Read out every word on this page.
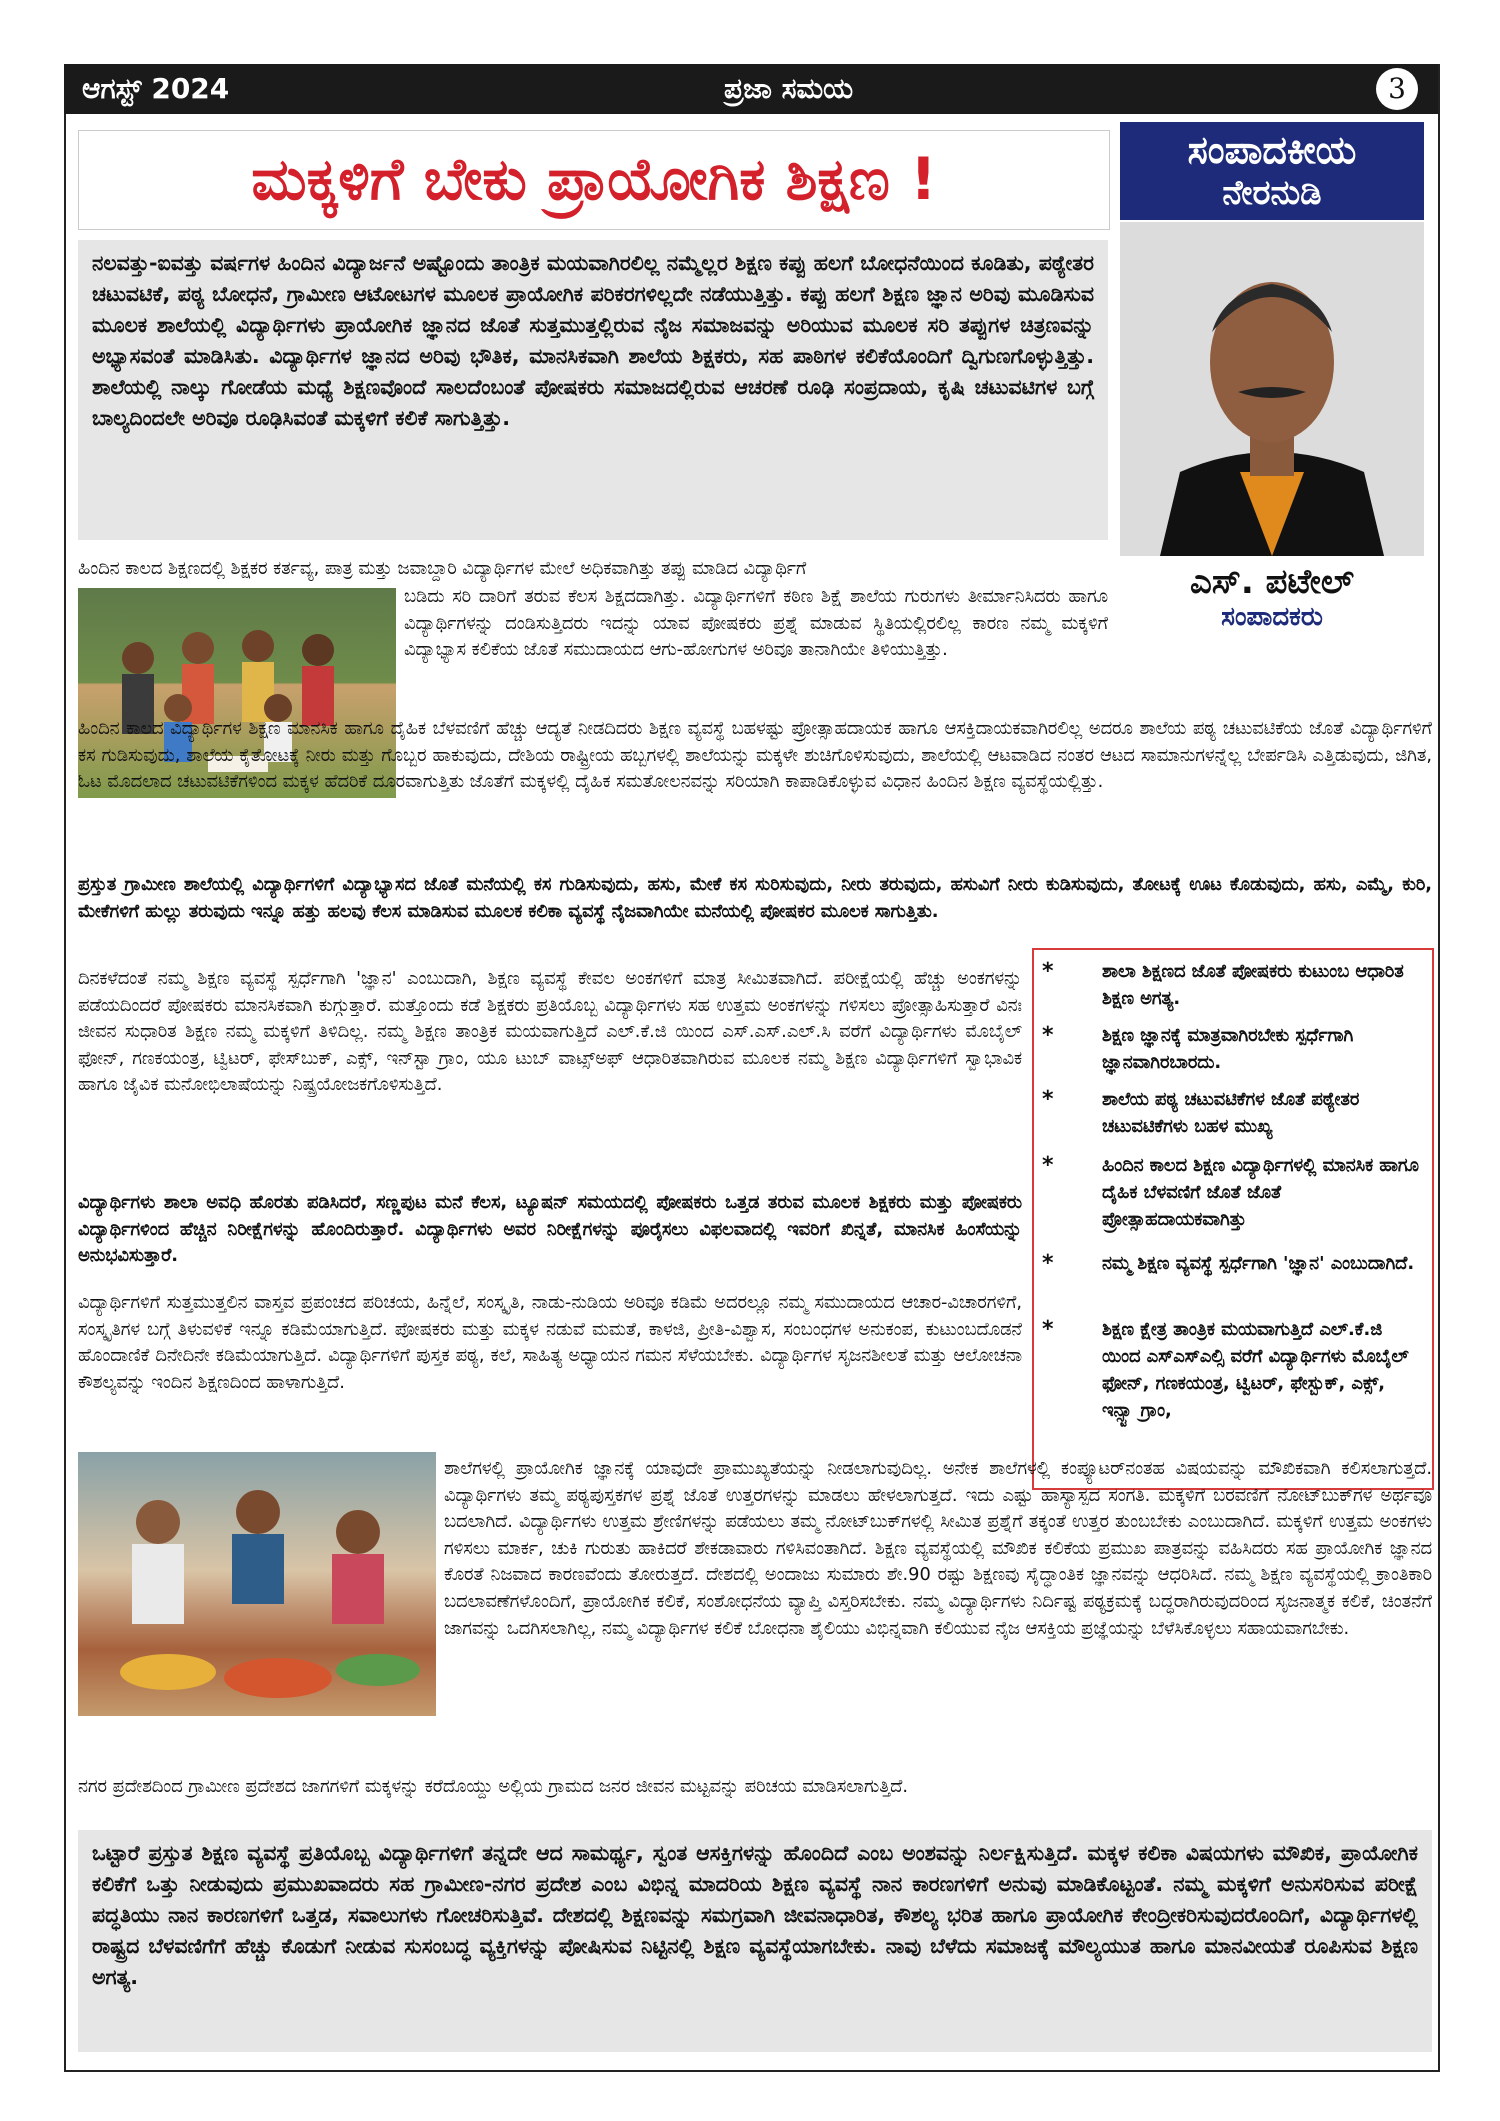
ಆಗಸ್ಟ್ 2024	ಪ್ರಜಾ ಸಮಯ	3
ಮಕ್ಕಳಿಗೆ ಬೇಕು ಪ್ರಾಯೋಗಿಕ ಶಿಕ್ಷಣ !	ಸಂಪಾದಕೀಯ
ನೇರನುಡಿ
ಎಸ್. ಪಟೇಲ್
ಸಂಪಾದಕರು
ನಲವತ್ತು-ಐವತ್ತು ವರ್ಷಗಳ ಹಿಂದಿನ ವಿದ್ಯಾರ್ಜನೆ ಅಷ್ಟೊಂದು ತಾಂತ್ರಿಕ ಮಯವಾಗಿರಲಿಲ್ಲ ನಮ್ಮೆಲ್ಲರ ಶಿಕ್ಷಣ ಕಪ್ಪು ಹಲಗೆ ಬೋಧನೆಯಿಂದ ಕೂಡಿತು, ಪಠ್ಯೇತರ ಚಟುವಟಿಕೆ, ಪಠ್ಯ ಬೋಧನೆ, ಗ್ರಾಮೀಣ ಆಟೋಟಗಳ ಮೂಲಕ ಪ್ರಾಯೋಗಿಕ ಪರಿಕರಗಳಿಲ್ಲದೇ ನಡೆಯುತ್ತಿತ್ತು. ಕಪ್ಪು ಹಲಗೆ ಶಿಕ್ಷಣ ಜ್ಞಾನ ಅರಿವು ಮೂಡಿಸುವ ಮೂಲಕ ಶಾಲೆಯಲ್ಲಿ ವಿದ್ಯಾರ್ಥಿಗಳು ಪ್ರಾಯೋಗಿಕ ಜ್ಞಾನದ ಜೊತೆ ಸುತ್ತಮುತ್ತಲ್ಲಿರುವ ನೈಜ ಸಮಾಜವನ್ನು ಅರಿಯುವ ಮೂಲಕ ಸರಿ ತಪ್ಪುಗಳ ಚಿತ್ರಣವನ್ನು ಅಭ್ಯಾಸವಂತೆ ಮಾಡಿಸಿತು. ವಿದ್ಯಾರ್ಥಿಗಳ ಜ್ಞಾನದ ಅರಿವು ಭೌತಿಕ, ಮಾನಸಿಕವಾಗಿ ಶಾಲೆಯ ಶಿಕ್ಷಕರು, ಸಹ ಪಾಠಿಗಳ ಕಲಿಕೆಯೊಂದಿಗೆ ದ್ವಿಗುಣಗೊಳ್ಳುತ್ತಿತ್ತು. ಶಾಲೆಯಲ್ಲಿ ನಾಲ್ಕು ಗೋಡೆಯ ಮಧ್ಯೆ ಶಿಕ್ಷಣವೊಂದೆ ಸಾಲದೆಂಬಂತೆ ಪೋಷಕರು ಸಮಾಜದಲ್ಲಿರುವ ಆಚರಣೆ ರೂಢಿ ಸಂಪ್ರದಾಯ, ಕೃಷಿ ಚಟುವಟಿಗಳ ಬಗ್ಗೆ ಬಾಲ್ಯದಿಂದಲೇ ಅರಿವೂ ರೂಢಿಸಿವಂತೆ ಮಕ್ಕಳಿಗೆ ಕಲಿಕೆ ಸಾಗುತ್ತಿತ್ತು.
ಹಿಂದಿನ ಕಾಲದ ಶಿಕ್ಷಣದಲ್ಲಿ ಶಿಕ್ಷಕರ ಕರ್ತವ್ಯ, ಪಾತ್ರ ಮತ್ತು ಜವಾಬ್ದಾರಿ ವಿದ್ಯಾರ್ಥಿಗಳ ಮೇಲೆ ಅಧಿಕವಾಗಿತ್ತು ತಪ್ಪು ಮಾಡಿದ ವಿದ್ಯಾರ್ಥಿಗೆ
ಬಡಿದು ಸರಿ ದಾರಿಗೆ ತರುವ ಕೆಲಸ ಶಿಕ್ಷದದಾಗಿತ್ತು. ವಿದ್ಯಾರ್ಥಿಗಳಿಗೆ ಕಠಿಣ ಶಿಕ್ಷೆ ಶಾಲೆಯ ಗುರುಗಳು ತೀರ್ಮಾನಿಸಿದರು ಹಾಗೂ ವಿದ್ಯಾರ್ಥಿಗಳನ್ನು ದಂಡಿಸುತ್ತಿದರು ಇದನ್ನು ಯಾವ ಪೋಷಕರು ಪ್ರಶ್ನೆ ಮಾಡುವ ಸ್ಥಿತಿಯಲ್ಲಿರಲಿಲ್ಲ ಕಾರಣ ನಮ್ಮ ಮಕ್ಕಳಿಗೆ ವಿದ್ಯಾಭ್ಯಾಸ ಕಲಿಕೆಯ ಜೊತೆ ಸಮುದಾಯದ ಆಗು-ಹೋಗುಗಳ ಅರಿವೂ ತಾನಾಗಿಯೇ ತಿಳಿಯುತ್ತಿತ್ತು.
ಹಿಂದಿನ ಕಾಲದ ವಿದ್ಯಾರ್ಥಿಗಳ ಶಿಕ್ಷಣ ಮಾನಸಿಕ ಹಾಗೂ ದೈಹಿಕ ಬೆಳವಣಿಗೆ ಹೆಚ್ಚು ಆದ್ಯತೆ ನೀಡದಿದರು ಶಿಕ್ಷಣ ವ್ಯವಸ್ಥೆ ಬಹಳಷ್ಟು ಪ್ರೋತ್ಸಾಹದಾಯಕ ಹಾಗೂ ಆಸಕ್ತಿದಾಯಕವಾಗಿರಲಿಲ್ಲ ಅದರೂ ಶಾಲೆಯ ಪಠ್ಯ ಚಟುವಟಿಕೆಯ ಜೊತೆ ವಿದ್ಯಾರ್ಥಿಗಳಿಗೆ ಕಸ ಗುಡಿಸುವುದು, ಶಾಲೆಯ ಕೈತೋಟಕ್ಕೆ ನೀರು ಮತ್ತು ಗೊಬ್ಬರ ಹಾಕುವುದು, ದೇಶಿಯ ರಾಷ್ಟ್ರೀಯ ಹಬ್ಬಗಳಲ್ಲಿ ಶಾಲೆಯನ್ನು ಮಕ್ಕಳೇ ಶುಚಿಗೊಳಿಸುವುದು, ಶಾಲೆಯಲ್ಲಿ ಆಟವಾಡಿದ ನಂತರ ಆಟದ ಸಾಮಾನುಗಳನ್ನೆಲ್ಲ ಬೇರ್ಪಡಿಸಿ ಎತ್ತಿಡುವುದು, ಜಿಗಿತ, ಓಟ ಮೊದಲಾದ ಚಟುವಟಿಕೆಗಳಿಂದ ಮಕ್ಕಳ ಹೆದರಿಕೆ ದೂರವಾಗುತ್ತಿತು ಜೊತೆಗೆ ಮಕ್ಕಳಲ್ಲಿ ದೈಹಿಕ ಸಮತೋಲನವನ್ನು ಸರಿಯಾಗಿ ಕಾಪಾಡಿಕೊಳ್ಳುವ ವಿಧಾನ ಹಿಂದಿನ ಶಿಕ್ಷಣ ವ್ಯವಸ್ಥೆಯಲ್ಲಿತ್ತು.
ಪ್ರಸ್ತುತ ಗ್ರಾಮೀಣ ಶಾಲೆಯಲ್ಲಿ ವಿದ್ಯಾರ್ಥಿಗಳಿಗೆ ವಿದ್ಯಾಭ್ಯಾಸದ ಜೊತೆ ಮನೆಯಲ್ಲಿ ಕಸ ಗುಡಿಸುವುದು, ಹಸು, ಮೇಕೆ ಕಸ ಸುರಿಸುವುದು, ನೀರು ತರುವುದು, ಹಸುವಿಗೆ ನೀರು ಕುಡಿಸುವುದು, ತೋಟಕ್ಕೆ ಊಟ ಕೊಡುವುದು, ಹಸು, ಎಮ್ಮೆ, ಕುರಿ, ಮೇಕೆಗಳಿಗೆ ಹುಲ್ಲು ತರುವುದು ಇನ್ನೂ ಹತ್ತು ಹಲವು ಕೆಲಸ ಮಾಡಿಸುವ ಮೂಲಕ ಕಲಿಕಾ ವ್ಯವಸ್ಥೆ ನೈಜವಾಗಿಯೇ ಮನೆಯಲ್ಲಿ ಪೋಷಕರ ಮೂಲಕ ಸಾಗುತ್ತಿತು.
ದಿನಕಳೆದಂತೆ ನಮ್ಮ ಶಿಕ್ಷಣ ವ್ಯವಸ್ಥೆ ಸ್ಪರ್ಧೆಗಾಗಿ 'ಜ್ಞಾನ' ಎಂಬುದಾಗಿ, ಶಿಕ್ಷಣ ವ್ಯವಸ್ಥೆ ಕೇವಲ ಅಂಕಗಳಿಗೆ ಮಾತ್ರ ಸೀಮಿತವಾಗಿದೆ. ಪರೀಕ್ಷೆಯಲ್ಲಿ ಹೆಚ್ಚು ಅಂಕಗಳನ್ನು ಪಡೆಯದಿಂದರೆ ಪೋಷಕರು ಮಾನಸಿಕವಾಗಿ ಕುಗ್ಗುತ್ತಾರೆ. ಮತ್ತೊಂದು ಕಡೆ ಶಿಕ್ಷಕರು ಪ್ರತಿಯೊಬ್ಬ ವಿದ್ಯಾರ್ಥಿಗಳು ಸಹ ಉತ್ತಮ ಅಂಕಗಳನ್ನು ಗಳಿಸಲು ಪ್ರೋತ್ಸಾಹಿಸುತ್ತಾರೆ ವಿನಃ ಜೀವನ ಸುಧಾರಿತ ಶಿಕ್ಷಣ ನಮ್ಮ ಮಕ್ಕಳಿಗೆ ತಿಳಿದಿಲ್ಲ. ನಮ್ಮ ಶಿಕ್ಷಣ ತಾಂತ್ರಿಕ ಮಯವಾಗುತ್ತಿದೆ ಎಲ್.ಕೆ.ಜಿ ಯಿಂದ ಎಸ್.ಎಸ್.ಎಲ್.ಸಿ ವರೆಗೆ ವಿದ್ಯಾರ್ಥಿಗಳು ಮೊಬೈಲ್ ಫೋನ್, ಗಣಕಯಂತ್ರ, ಟ್ವಿಟರ್, ಫೇಸ್‌ಬುಕ್, ಎಕ್ಸ್, ಇನ್‌ಸ್ಟಾ ಗ್ರಾಂ, ಯೂ ಟುಬ್ ವಾಟ್ಸ್‌ಅಫ್ ಆಧಾರಿತವಾಗಿರುವ ಮೂಲಕ ನಮ್ಮ ಶಿಕ್ಷಣ ವಿದ್ಯಾರ್ಥಿಗಳಿಗೆ ಸ್ವಾಭಾವಿಕ ಹಾಗೂ ಜೈವಿಕ ಮನೋಭಿಲಾಷೆಯನ್ನು ನಿಷ್ಪ್ರಯೋಜಕಗೊಳಿಸುತ್ತಿದೆ.
ವಿದ್ಯಾರ್ಥಿಗಳು ಶಾಲಾ ಅವಧಿ ಹೊರತು ಪಡಿಸಿದರೆ, ಸಣ್ಣಪುಟ ಮನೆ ಕೆಲಸ, ಟ್ಯೂಷನ್ ಸಮಯದಲ್ಲಿ ಪೋಷಕರು ಒತ್ತಡ ತರುವ ಮೂಲಕ ಶಿಕ್ಷಕರು ಮತ್ತು ಪೋಷಕರು ವಿದ್ಯಾರ್ಥಿಗಳಿಂದ ಹೆಚ್ಚಿನ ನಿರೀಕ್ಷೆಗಳನ್ನು ಹೊಂದಿರುತ್ತಾರೆ. ವಿದ್ಯಾರ್ಥಿಗಳು ಅವರ ನಿರೀಕ್ಷೆಗಳನ್ನು ಪೂರೈಸಲು ವಿಫಲವಾದಲ್ಲಿ ಇವರಿಗೆ ಖಿನ್ನತೆ, ಮಾನಸಿಕ ಹಿಂಸೆಯನ್ನು ಅನುಭವಿಸುತ್ತಾರೆ.
ವಿದ್ಯಾರ್ಥಿಗಳಿಗೆ ಸುತ್ತಮುತ್ತಲಿನ ವಾಸ್ತವ ಪ್ರಪಂಚದ ಪರಿಚಯ, ಹಿನ್ನೆಲೆ, ಸಂಸ್ಕೃತಿ, ನಾಡು-ನುಡಿಯ ಅರಿವೂ ಕಡಿಮೆ ಅದರಲ್ಲೂ ನಮ್ಮ ಸಮುದಾಯದ ಆಚಾರ-ವಿಚಾರಗಳಿಗೆ, ಸಂಸ್ಕೃತಿಗಳ ಬಗ್ಗೆ ತಿಳುವಳಿಕೆ ಇನ್ನೂ ಕಡಿಮೆಯಾಗುತ್ತಿದೆ. ಪೋಷಕರು ಮತ್ತು ಮಕ್ಕಳ ನಡುವೆ ಮಮತೆ, ಕಾಳಜಿ, ಪ್ರೀತಿ-ವಿಶ್ವಾಸ, ಸಂಬಂಧಗಳ ಅನುಕಂಪ, ಕುಟುಂಬದೊಡನೆ ಹೊಂದಾಣಿಕೆ ದಿನೇದಿನೇ ಕಡಿಮೆಯಾಗುತ್ತಿದೆ. ವಿದ್ಯಾರ್ಥಿಗಳಿಗೆ ಪುಸ್ತಕ ಪಠ್ಯ, ಕಲೆ, ಸಾಹಿತ್ಯ ಅಧ್ಯಾಯನ ಗಮನ ಸೆಳೆಯಬೇಕು. ವಿದ್ಯಾರ್ಥಿಗಳ ಸೃಜನಶೀಲತೆ ಮತ್ತು ಆಲೋಚನಾ ಕೌಶಲ್ಯವನ್ನು ಇಂದಿನ ಶಿಕ್ಷಣದಿಂದ ಹಾಳಾಗುತ್ತಿದೆ.
*	ಶಾಲಾ ಶಿಕ್ಷಣದ ಜೊತೆ ಪೋಷಕರು ಕುಟುಂಬ ಆಧಾರಿತ ಶಿಕ್ಷಣ ಅಗತ್ಯ.
*	ಶಿಕ್ಷಣ ಜ್ಞಾನಕ್ಕೆ ಮಾತ್ರವಾಗಿರಬೇಕು ಸ್ಪರ್ಧೆಗಾಗಿ ಜ್ಞಾನವಾಗಿರಬಾರದು.
*	ಶಾಲೆಯ ಪಠ್ಯ ಚಟುವಟಿಕೆಗಳ ಜೊತೆ ಪಠ್ಯೇತರ ಚಟುವಟಿಕೆಗಳು ಬಹಳ ಮುಖ್ಯ
*	ಹಿಂದಿನ ಕಾಲದ ಶಿಕ್ಷಣ ವಿದ್ಯಾರ್ಥಿಗಳಲ್ಲಿ ಮಾನಸಿಕ ಹಾಗೂ ದೈಹಿಕ ಬೆಳವಣಿಗೆ ಜೊತೆ ಜೊತೆ ಪ್ರೋತ್ಸಾಹದಾಯಕವಾಗಿತ್ತು
*	ನಮ್ಮ ಶಿಕ್ಷಣ ವ್ಯವಸ್ಥೆ ಸ್ಪರ್ಧೆಗಾಗಿ 'ಜ್ಞಾನ' ಎಂಬುದಾಗಿದೆ.
*	ಶಿಕ್ಷಣ ಕ್ಷೇತ್ರ ತಾಂತ್ರಿಕ ಮಯವಾಗುತ್ತಿದೆ ಎಲ್.ಕೆ.ಜಿ ಯಿಂದ ಎಸ್‌ಎಸ್‌ಎಲ್ಸಿ ವರೆಗೆ ವಿದ್ಯಾರ್ಥಿಗಳು ಮೊಬೈಲ್ ಫೋನ್, ಗಣಕಯಂತ್ರ, ಟ್ವಿಟರ್, ಫೇಸ್ಬುಕ್, ಎಕ್ಸ್, ಇನ್ಸ್ಟಾ ಗ್ರಾಂ,
ಶಾಲೆಗಳಲ್ಲಿ ಪ್ರಾಯೋಗಿಕ ಜ್ಞಾನಕ್ಕೆ ಯಾವುದೇ ಪ್ರಾಮುಖ್ಯತೆಯನ್ನು ನೀಡಲಾಗುವುದಿಲ್ಲ. ಅನೇಕ ಶಾಲೆಗಳಲ್ಲಿ ಕಂಪ್ಯೂಟರ್‌ನಂತಹ ವಿಷಯವನ್ನು ಮೌಖಿಕವಾಗಿ ಕಲಿಸಲಾಗುತ್ತದೆ. ವಿದ್ಯಾರ್ಥಿಗಳು ತಮ್ಮ ಪಠ್ಯಪುಸ್ತಕಗಳ ಪ್ರಶ್ನೆ ಜೊತೆ ಉತ್ತರಗಳನ್ನು ಮಾಡಲು ಹೇಳಲಾಗುತ್ತದೆ. ಇದು ಎಷ್ಟು ಹಾಸ್ಯಾಸ್ಪದ ಸಂಗತಿ. ಮಕ್ಕಳಿಗೆ ಬರವಣಿಗೆ ನೋಟ್‌ಬುಕ್‌ಗಳ ಅರ್ಥವೂ ಬದಲಾಗಿದೆ. ವಿದ್ಯಾರ್ಥಿಗಳು ಉತ್ತಮ ಶ್ರೇಣಿಗಳನ್ನು ಪಡೆಯಲು ತಮ್ಮ ನೋಟ್‌ಬುಕ್‌ಗಳಲ್ಲಿ ಸೀಮಿತ ಪ್ರಶ್ನೆಗೆ ತಕ್ಕಂತೆ ಉತ್ತರ ತುಂಬಬೇಕು ಎಂಬುದಾಗಿದೆ. ಮಕ್ಕಳಿಗೆ ಉತ್ತಮ ಅಂಕಗಳು ಗಳಿಸಲು ಮಾರ್ಕ, ಚುಕಿ ಗುರುತು ಹಾಕಿದರೆ ಶೇಕಡಾವಾರು ಗಳಿಸಿವಂತಾಗಿದೆ. ಶಿಕ್ಷಣ ವ್ಯವಸ್ಥೆಯಲ್ಲಿ ಮೌಖಿಕ ಕಲಿಕೆಯ ಪ್ರಮುಖ ಪಾತ್ರವನ್ನು ವಹಿಸಿದರು ಸಹ ಪ್ರಾಯೋಗಿಕ ಜ್ಞಾನದ ಕೊರತೆ ನಿಜವಾದ ಕಾರಣವೆಂದು ತೋರುತ್ತದೆ. ದೇಶದಲ್ಲಿ ಅಂದಾಜು ಸುಮಾರು ಶೇ.90 ರಷ್ಟು ಶಿಕ್ಷಣವು ಸೈದ್ಧಾಂತಿಕ ಜ್ಞಾನವನ್ನು ಆಧರಿಸಿದೆ. ನಮ್ಮ ಶಿಕ್ಷಣ ವ್ಯವಸ್ಥೆಯಲ್ಲಿ ಕ್ರಾಂತಿಕಾರಿ ಬದಲಾವಣೆಗಳೊಂದಿಗೆ, ಪ್ರಾಯೋಗಿಕ ಕಲಿಕೆ, ಸಂಶೋಧನೆಯ ವ್ಯಾಪ್ತಿ ವಿಸ್ತರಿಸಬೇಕು. ನಮ್ಮ ವಿದ್ಯಾರ್ಥಿಗಳು ನಿರ್ದಿಷ್ಟ ಪಠ್ಯಕ್ರಮಕ್ಕೆ ಬದ್ಧರಾಗಿರುವುದರಿಂದ ಸೃಜನಾತ್ಮಕ ಕಲಿಕೆ, ಚಿಂತನೆಗೆ ಜಾಗವನ್ನು ಒದಗಿಸಲಾಗಿಲ್ಲ, ನಮ್ಮ ವಿದ್ಯಾರ್ಥಿಗಳ ಕಲಿಕೆ ಬೋಧನಾ ಶೈಲಿಯು ವಿಭಿನ್ನವಾಗಿ ಕಲಿಯುವ ನೈಜ ಆಸಕ್ತಿಯ ಪ್ರಜ್ಞೆಯನ್ನು ಬೆಳೆಸಿಕೊಳ್ಳಲು ಸಹಾಯವಾಗಬೇಕು.
ನಗರ ಪ್ರದೇಶದಿಂದ ಗ್ರಾಮೀಣ ಪ್ರದೇಶದ ಜಾಗಗಳಿಗೆ ಮಕ್ಕಳನ್ನು ಕರೆದೊಯ್ದು ಅಲ್ಲಿಯ ಗ್ರಾಮದ ಜನರ ಜೀವನ ಮಟ್ಟವನ್ನು ಪರಿಚಯ ಮಾಡಿಸಲಾಗುತ್ತಿದೆ.
ಒಟ್ಟಾರೆ ಪ್ರಸ್ತುತ ಶಿಕ್ಷಣ ವ್ಯವಸ್ಥೆ ಪ್ರತಿಯೊಬ್ಬ ವಿದ್ಯಾರ್ಥಿಗಳಿಗೆ ತನ್ನದೇ ಆದ ಸಾಮರ್ಥ್ಯ, ಸ್ವಂತ ಆಸಕ್ತಿಗಳನ್ನು ಹೊಂದಿದೆ ಎಂಬ ಅಂಶವನ್ನು ನಿರ್ಲಕ್ಷಿಸುತ್ತಿದೆ. ಮಕ್ಕಳ ಕಲಿಕಾ ವಿಷಯಗಳು ಮೌಖಿಕ, ಪ್ರಾಯೋಗಿಕ ಕಲಿಕೆಗೆ ಒತ್ತು ನೀಡುವುದು ಪ್ರಮುಖವಾದರು ಸಹ ಗ್ರಾಮೀಣ-ನಗರ ಪ್ರದೇಶ ಎಂಬ ವಿಭಿನ್ನ ಮಾದರಿಯ ಶಿಕ್ಷಣ ವ್ಯವಸ್ಥೆ ನಾನ ಕಾರಣಗಳಿಗೆ ಅನುವು ಮಾಡಿಕೊಟ್ಟಂತೆ. ನಮ್ಮ ಮಕ್ಕಳಿಗೆ ಅನುಸರಿಸುವ ಪರೀಕ್ಷೆ ಪದ್ಧತಿಯು ನಾನ ಕಾರಣಗಳಿಗೆ ಒತ್ತಡ, ಸವಾಲುಗಳು ಗೋಚರಿಸುತ್ತಿವೆ. ದೇಶದಲ್ಲಿ ಶಿಕ್ಷಣವನ್ನು ಸಮಗ್ರವಾಗಿ ಜೀವನಾಧಾರಿತ, ಕೌಶಲ್ಯ ಭರಿತ ಹಾಗೂ ಪ್ರಾಯೋಗಿಕ ಕೇಂದ್ರೀಕರಿಸುವುದರೊಂದಿಗೆ, ವಿದ್ಯಾರ್ಥಿಗಳಲ್ಲಿ ರಾಷ್ಟ್ರದ ಬೆಳವಣಿಗೆಗೆ ಹೆಚ್ಚು ಕೊಡುಗೆ ನೀಡುವ ಸುಸಂಬದ್ಧ ವ್ಯಕ್ತಿಗಳನ್ನು ಪೋಷಿಸುವ ನಿಟ್ಟಿನಲ್ಲಿ ಶಿಕ್ಷಣ ವ್ಯವಸ್ಥೆಯಾಗಬೇಕು. ನಾವು ಬೆಳೆದು ಸಮಾಜಕ್ಕೆ ಮೌಲ್ಯಯುತ ಹಾಗೂ ಮಾನವೀಯತೆ ರೂಪಿಸುವ ಶಿಕ್ಷಣ ಅಗತ್ಯ.
